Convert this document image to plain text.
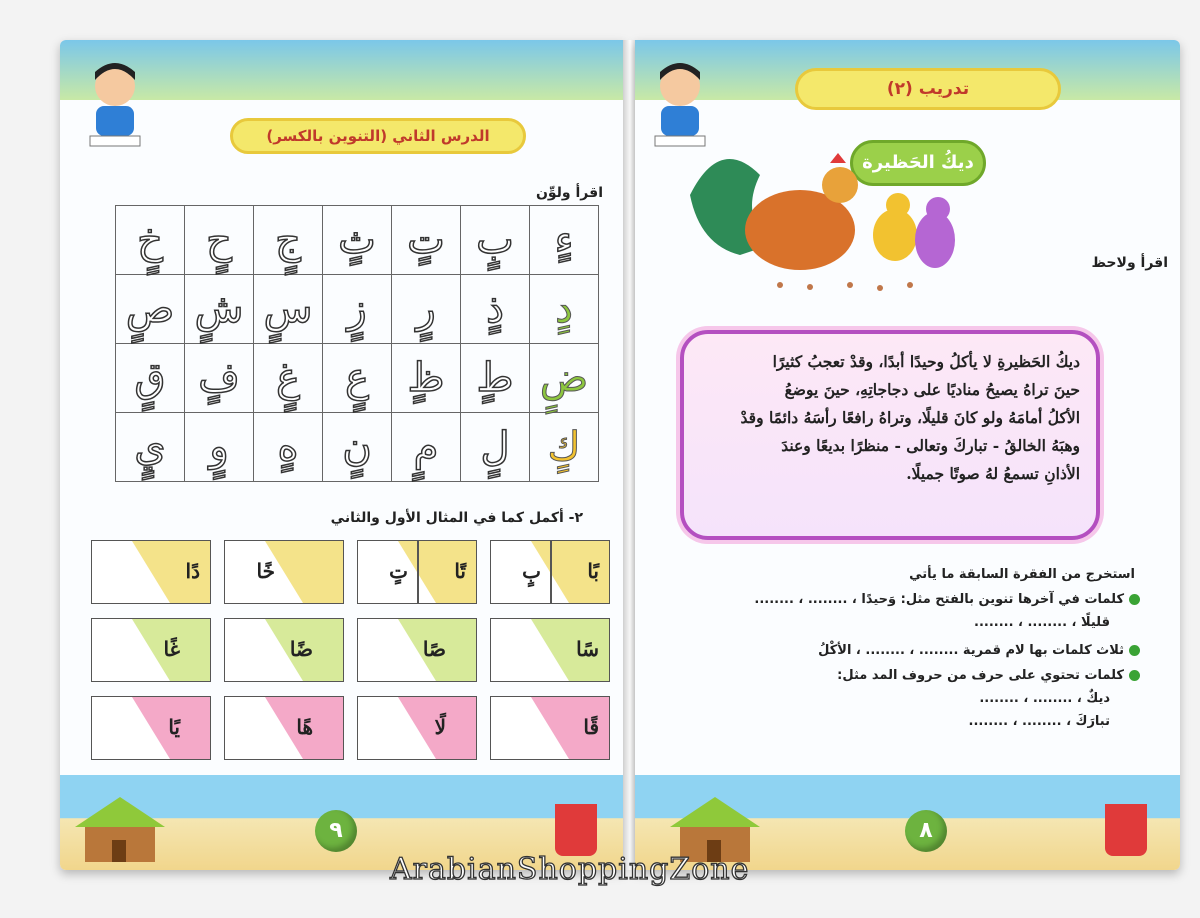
الدرس الثاني (التنوين بالكسر)
اقرأ ولوِّن
ءٍ	بٍ	تٍ	ثٍ	جٍ	حٍ	خٍ
دٍ	ذٍ	رٍ	زٍ	سٍ	شٍ	صٍ
ضٍ	طٍ	ظٍ	عٍ	غٍ	فٍ	قٍ
كٍ	لٍ	مٍ	نٍ	هٍ	وٍ	يٍ
٢- أكمل كما في المثال الأول والثاني
بًا
بٍ
تًا
تٍ
خًا
دًا
سًا
صًا
ضًا
غًا
قًا
لًا
هًا
يًا
٩
تدريب (٢)
ديكُ الحَظيرة
اقرأ ولاحظ

ديكُ الحَظيرةِ لا يأكلُ وحيدًا أبدًا، وقدْ تعجبُ كثيرًا

حينَ تراهُ يصيحُ مناديًا على دجاجاتِهِ، حينَ يوضعُ

الأكلُ أمامَهُ ولو كانَ قليلًا، وتراهُ رافعًا رأسَهُ دائمًا وقدْ

وهبَهُ الخالقُ - تباركَ وتعالى - منظرًا بديعًا وعندَ

الأذانِ تسمعُ لهُ صوتًا جميلًا.

استخرج من الفقرة السابقة ما يأتي
كلمات في آخرها تنوين بالفتح مثل: وَحيدًا ، ........ ، ........
قليلًا ، ........ ، ........
ثلاث كلمات بها لام قمرية ........ ، ........ ، الأكْلُ
كلمات تحتوي على حرف من حروف المد مثل:
ديكٌ ، ........ ، ........
تبارَكَ ، ........ ، ........
٨
ArabianShoppingZone
